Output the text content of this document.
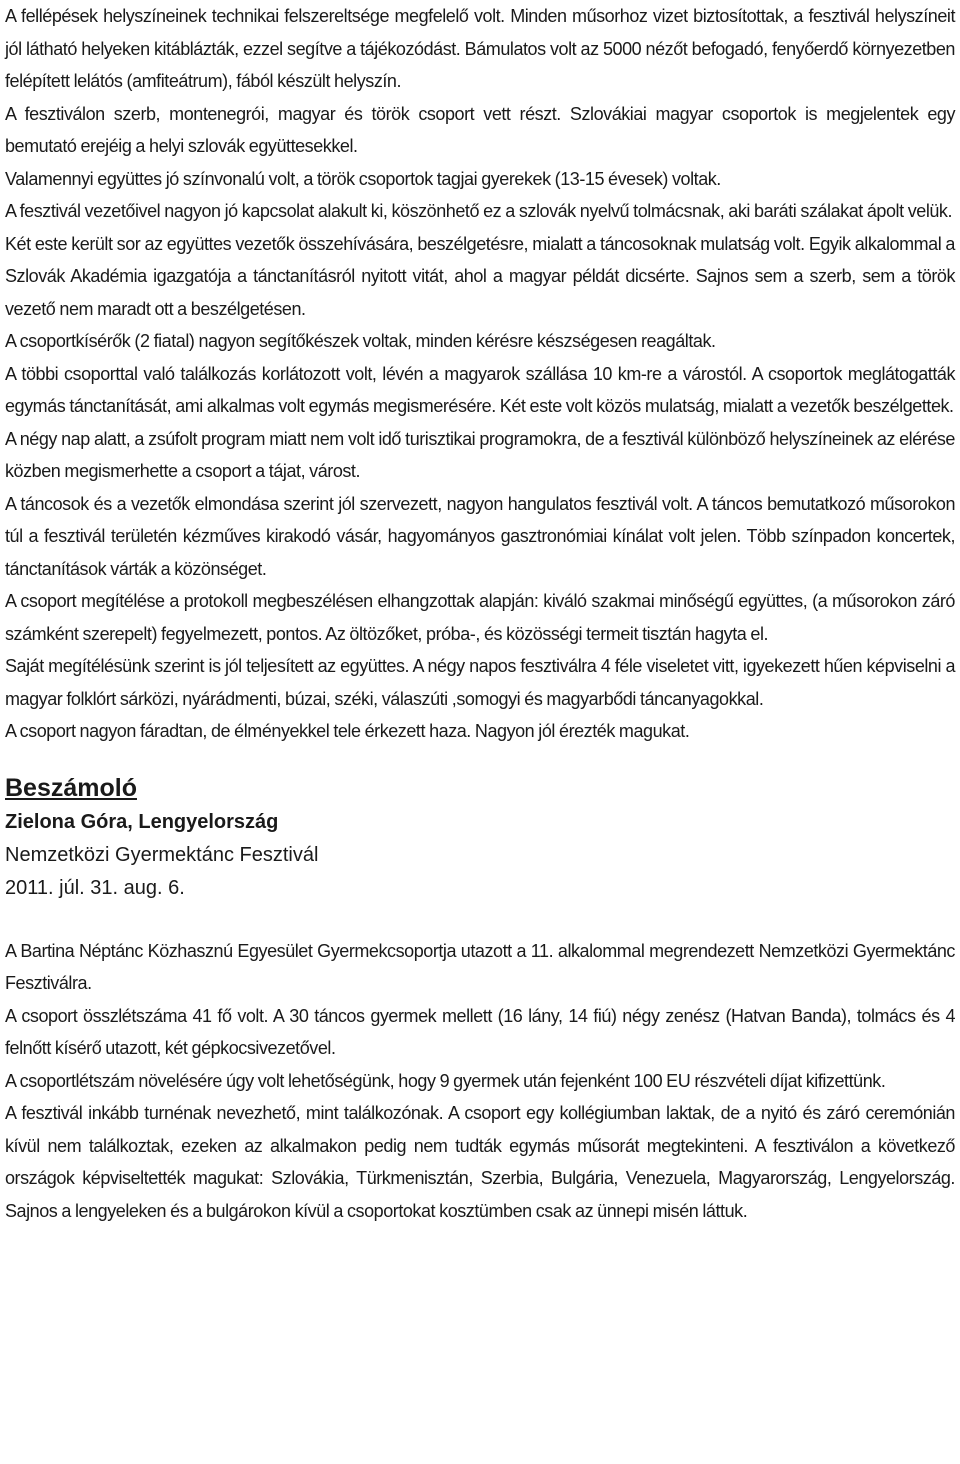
A fellépések helyszíneinek technikai felszereltsége megfelelő volt. Minden műsorhoz vizet biztosítottak, a fesztivál helyszíneit jól látható helyeken kitáblázták, ezzel segítve a tájékozódást. Bámulatos volt az 5000 nézőt befogadó, fenyőerdő környezetben felépített lelátós (amfiteátrum), fából készült helyszín.

A fesztiválon szerb, montenegrói, magyar és török csoport vett részt. Szlovákiai magyar csoportok is megjelentek egy bemutató erejéig a helyi szlovák együttesekkel.

Valamennyi együttes jó színvonalú volt, a török csoportok tagjai gyerekek (13-15 évesek) voltak.

A fesztivál vezetőivel nagyon jó kapcsolat alakult ki, köszönhető ez a szlovák nyelvű tolmácsnak, aki baráti szálakat ápolt velük.

Két este került sor az együttes vezetők összehívására, beszélgetésre, mialatt a táncosoknak mulatság volt. Egyik alkalommal a Szlovák Akadémia igazgatója a tánctanításról nyitott vitát, ahol a magyar példát dicsérte. Sajnos sem a szerb, sem a török vezető nem maradt ott a beszélgetésen.

A csoportkísérők (2 fiatal) nagyon segítőkészek voltak, minden kérésre készségesen reagáltak.

A többi csoporttal való találkozás korlátozott volt, lévén a magyarok szállása 10 km-re a várostól. A csoportok meglátogatták egymás tánctanítását, ami alkalmas volt egymás megismerésére. Két este volt közös mulatság, mialatt a vezetők beszélgettek.

A négy nap alatt, a zsúfolt program miatt nem volt idő turisztikai programokra, de a fesztivál különböző helyszíneinek az elérése közben megismerhette a csoport a tájat, várost.

A táncosok és a vezetők elmondása szerint jól szervezett, nagyon hangulatos fesztivál volt. A táncos bemutatkozó műsorokon túl a fesztivál területén kézműves kirakodó vásár, hagyományos gasztronómiai kínálat volt jelen. Több színpadon koncertek, tánctanítások várták a közönséget.

A csoport megítélése a protokoll megbeszélésen elhangzottak alapján: kiváló szakmai minőségű együttes, (a műsorokon záró számként szerepelt) fegyelmezett, pontos. Az öltözőket, próba-, és közösségi termeit tisztán hagyta el.

Saját megítélésünk szerint is jól teljesített az együttes. A négy napos fesztiválra 4 féle viseletet vitt, igyekezett hűen képviselni a magyar folklórt sárközi, nyárádmenti, búzai, széki, válaszúti ,somogyi és magyarbődi táncanyagokkal.

A csoport nagyon fáradtan, de élményekkel tele érkezett haza. Nagyon jól érezték magukat.

Beszámoló
Zielona Góra, Lengyelország
Nemzetközi Gyermektánc Fesztivál
2011. júl. 31. aug. 6.

A Bartina Néptánc Közhasznú Egyesület Gyermekcsoportja utazott a 11. alkalommal megrendezett Nemzetközi Gyermektánc Fesztiválra.

A csoport összlétszáma 41 fő volt. A 30 táncos gyermek mellett (16 lány, 14 fiú) négy zenész (Hatvan Banda), tolmács és 4 felnőtt kísérő utazott, két gépkocsivezetővel.

A csoportlétszám növelésére úgy volt lehetőségünk, hogy 9 gyermek után fejenként 100 EU részvételi díjat kifizettünk.

A fesztivál inkább turnénak nevezhető, mint találkozónak. A csoport egy kollégiumban laktak, de a nyitó és záró ceremónián kívül nem találkoztak, ezeken az alkalmakon pedig nem tudták egymás műsorát megtekinteni. A fesztiválon a következő országok képviseltették magukat: Szlovákia, Türkmenisztán, Szerbia, Bulgária, Venezuela, Magyarország, Lengyelország. Sajnos a lengyeleken és a bulgárokon kívül a csoportokat kosztümben csak az ünnepi misén láttuk.
